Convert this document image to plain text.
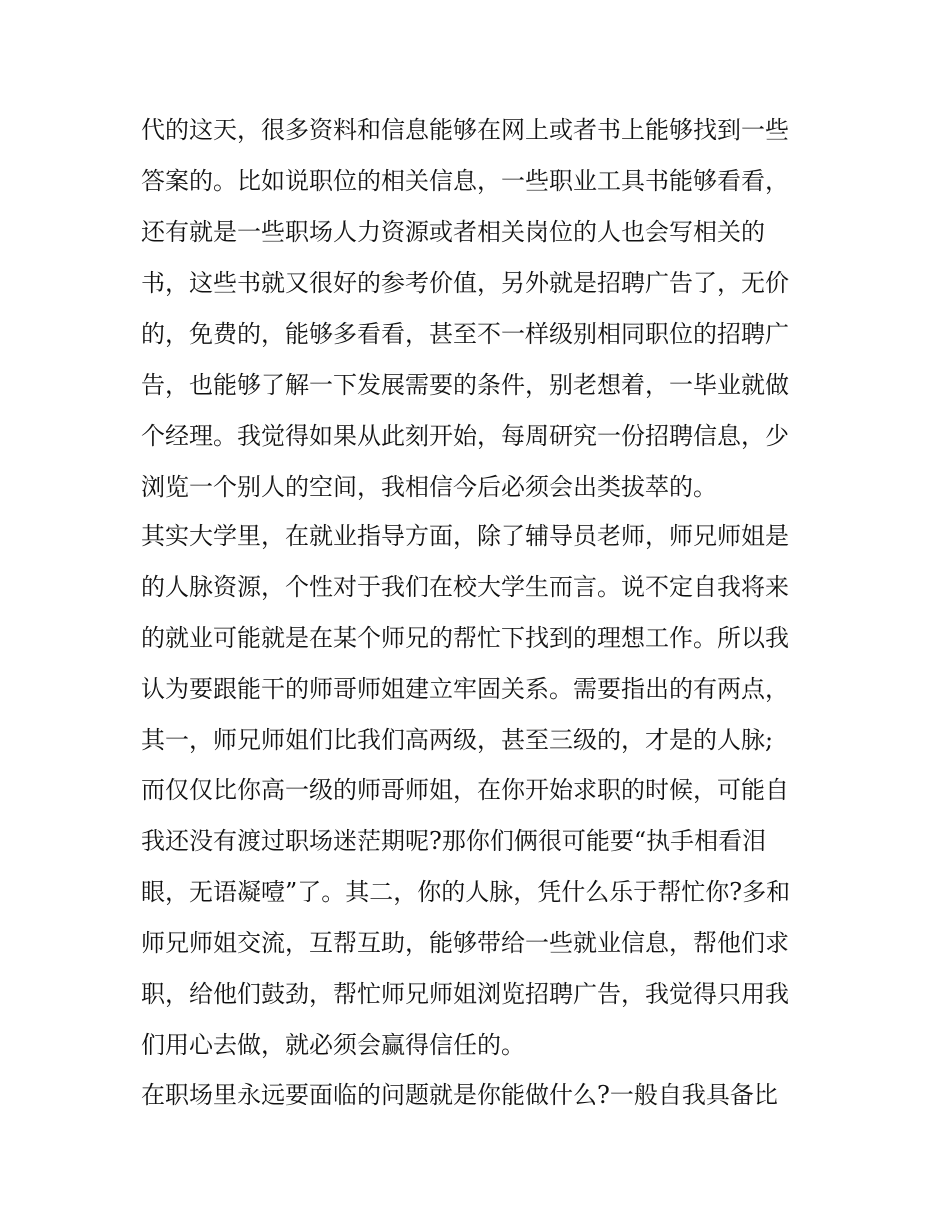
代的这天，很多资料和信息能够在网上或者书上能够找到一些
答案的。比如说职位的相关信息，一些职业工具书能够看看，
还有就是一些职场人力资源或者相关岗位的人也会写相关的
书，这些书就又很好的参考价值，另外就是招聘广告了，无价
的，免费的，能够多看看，甚至不一样级别相同职位的招聘广
告，也能够了解一下发展需要的条件，别老想着，一毕业就做
个经理。我觉得如果从此刻开始，每周研究一份招聘信息，少
浏览一个别人的空间，我相信今后必须会出类拔萃的。
其实大学里，在就业指导方面，除了辅导员老师，师兄师姐是
的人脉资源，个性对于我们在校大学生而言。说不定自我将来
的就业可能就是在某个师兄的帮忙下找到的理想工作。所以我
认为要跟能干的师哥师姐建立牢固关系。需要指出的有两点，
其一，师兄师姐们比我们高两级，甚至三级的，才是的人脉;
而仅仅比你高一级的师哥师姐，在你开始求职的时候，可能自
我还没有渡过职场迷茫期呢?那你们俩很可能要“执手相看泪
眼，无语凝噎”了。其二，你的人脉，凭什么乐于帮忙你?多和
师兄师姐交流，互帮互助，能够带给一些就业信息，帮他们求
职，给他们鼓劲，帮忙师兄师姐浏览招聘广告，我觉得只用我
们用心去做，就必须会赢得信任的。
在职场里永远要面临的问题就是你能做什么?一般自我具备比
